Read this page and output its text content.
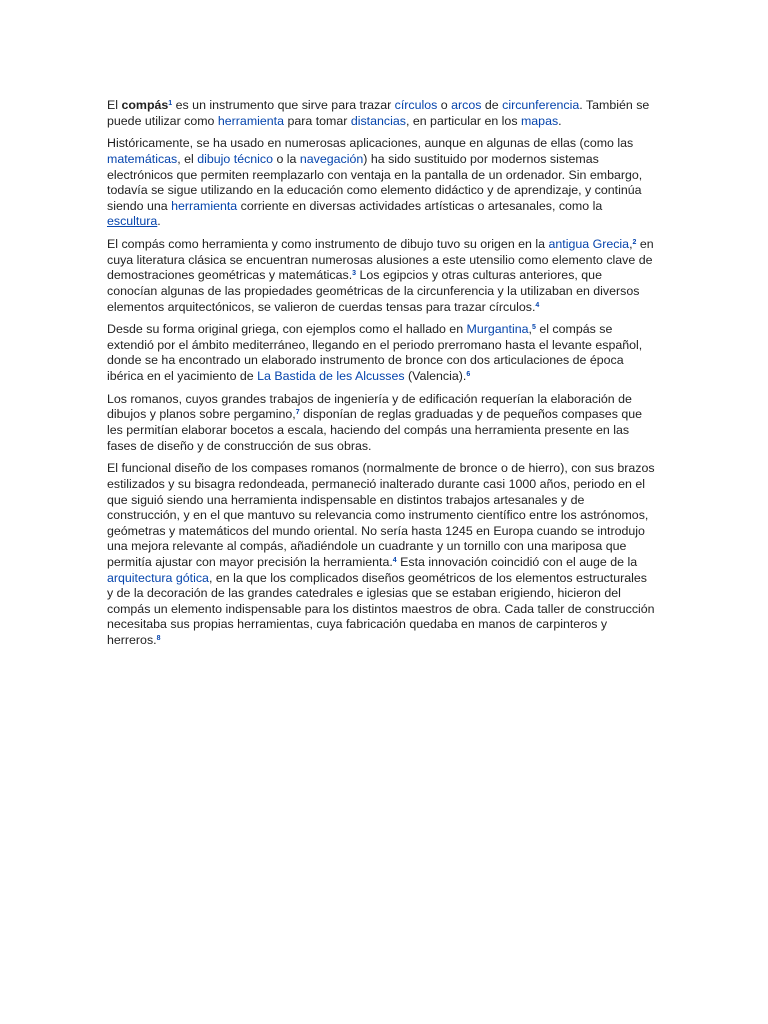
El compás$^1$ es un instrumento que sirve para trazar círculos o arcos de circunferencia. También se puede utilizar como herramienta para tomar distancias, en particular en los mapas.

Históricamente, se ha usado en numerosas aplicaciones, aunque en algunas de ellas (como las matemáticas, el dibujo técnico o la navegación) ha sido sustituido por modernos sistemas electrónicos que permiten reemplazarlo con ventaja en la pantalla de un ordenador. Sin embargo, todavía se sigue utilizando en la educación como elemento didáctico y de aprendizaje, y continúa siendo una herramienta corriente en diversas actividades artísticas o artesanales, como la escultura.

El compás como herramienta y como instrumento de dibujo tuvo su origen en la antigua Grecia,$^2$ en cuya literatura clásica se encuentran numerosas alusiones a este utensilio como elemento clave de demostraciones geométricas y matemáticas.$^3$ Los egipcios y otras culturas anteriores, que conocían algunas de las propiedades geométricas de la circunferencia y la utilizaban en diversos elementos arquitectónicos, se valieron de cuerdas tensas para trazar círculos.$^4$

Desde su forma original griega, con ejemplos como el hallado en Murgantina,$^5$ el compás se extendió por el ámbito mediterráneo, llegando en el periodo prerromano hasta el levante español, donde se ha encontrado un elaborado instrumento de bronce con dos articulaciones de época ibérica en el yacimiento de La Bastida de les Alcusses (Valencia).$^6$

Los romanos, cuyos grandes trabajos de ingeniería y de edificación requerían la elaboración de dibujos y planos sobre pergamino,$^7$ disponían de reglas graduadas y de pequeños compases que les permitían elaborar bocetos a escala, haciendo del compás una herramienta presente en las fases de diseño y de construcción de sus obras.

El funcional diseño de los compases romanos (normalmente de bronce o de hierro), con sus brazos estilizados y su bisagra redondeada, permaneció inalterado durante casi 1000 años, periodo en el que siguió siendo una herramienta indispensable en distintos trabajos artesanales y de construcción, y en el que mantuvo su relevancia como instrumento científico entre los astrónomos, geómetras y matemáticos del mundo oriental. No sería hasta 1245 en Europa cuando se introdujo una mejora relevante al compás, añadiéndole un cuadrante y un tornillo con una mariposa que permitía ajustar con mayor precisión la herramienta.$^4$ Esta innovación coincidió con el auge de la arquitectura gótica, en la que los complicados diseños geométricos de los elementos estructurales y de la decoración de las grandes catedrales e iglesias que se estaban erigiendo, hicieron del compás un elemento indispensable para los distintos maestros de obra. Cada taller de construcción necesitaba sus propias herramientas, cuya fabricación quedaba en manos de carpinteros y herreros.$^8$
